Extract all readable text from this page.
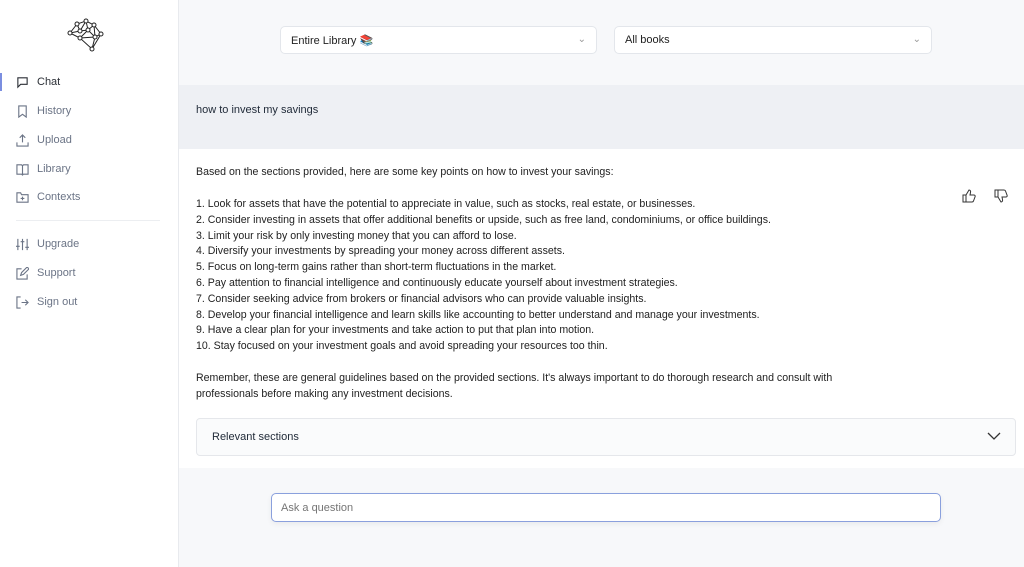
Chat
History
Upload
Library
Contexts
Upgrade
Support
Sign out
Entire Library 📚	⌄	All books	⌄
how to invest my savings

Based on the sections provided, here are some key points on how to invest your savings:

1. Look for assets that have the potential to appreciate in value, such as stocks, real estate, or businesses.
2. Consider investing in assets that offer additional benefits or upside, such as free land, condominiums, or office buildings.
3. Limit your risk by only investing money that you can afford to lose.
4. Diversify your investments by spreading your money across different assets.
5. Focus on long-term gains rather than short-term fluctuations in the market.
6. Pay attention to financial intelligence and continuously educate yourself about investment strategies.
7. Consider seeking advice from brokers or financial advisors who can provide valuable insights.
8. Develop your financial intelligence and learn skills like accounting to better understand and manage your investments.
9. Have a clear plan for your investments and take action to put that plan into motion.
10. Stay focused on your investment goals and avoid spreading your resources too thin.

Remember, these are general guidelines based on the provided sections. It's always important to do thorough research and consult with professionals before making any investment decisions.

Relevant sections
Ask a question
